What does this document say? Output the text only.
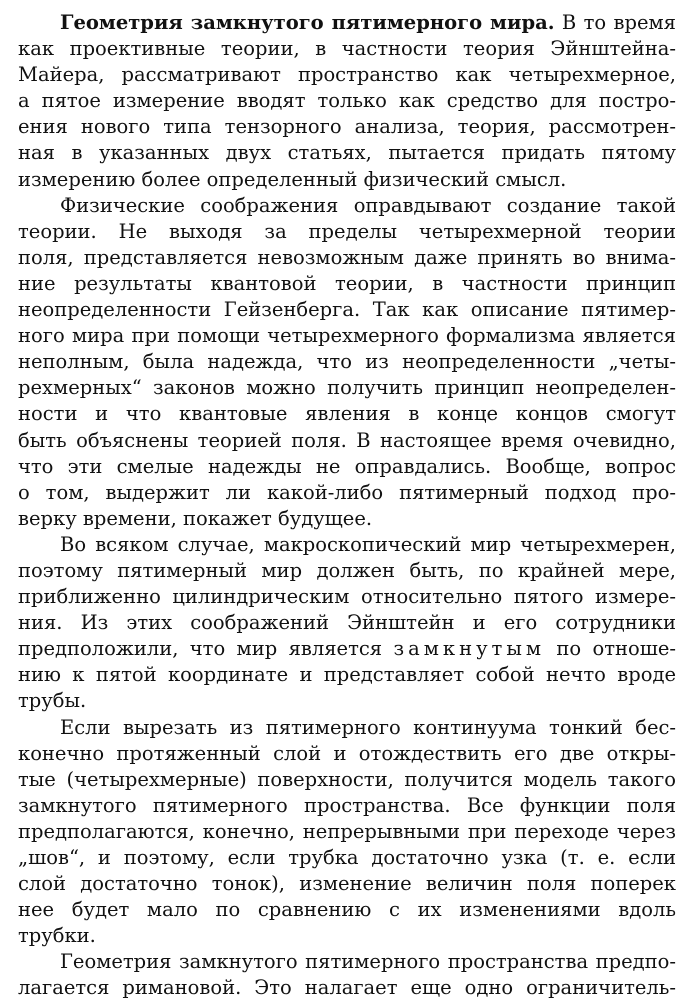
Геометрия замкнутого пятимерного мира. В то время
как проективные теории, в частности теория Эйнштейна-
Майера, рассматривают пространство как четырехмерное,
а пятое измерение вводят только как средство для постро-
ения нового типа тензорного анализа, теория, рассмотрен-
ная в указанных двух статьях, пытается придать пятому
измерению более определенный физический смысл.
Физические соображения оправдывают создание такой
теории. Не выходя за пределы четырехмерной теории
поля, представляется невозможным даже принять во внима-
ние результаты квантовой теории, в частности принцип
неопределенности Гейзенберга. Так как описание пятимер-
ного мира при помощи четырехмерного формализма является
неполным, была надежда, что из неопределенности „четы-
рехмерных“ законов можно получить принцип неопределен-
ности и что квантовые явления в конце концов смогут
быть объяснены теорией поля. В настоящее время очевидно,
что эти смелые надежды не оправдались. Вообще, вопрос
о том, выдержит ли какой-либо пятимерный подход про-
верку времени, покажет будущее.
Во всяком случае, макроскопический мир четырехмерен,
поэтому пятимерный мир должен быть, по крайней мере,
приближенно цилиндрическим относительно пятого измере-
ния. Из этих соображений Эйнштейн и его сотрудники
предположили, что мир является замкнутым по отноше-
нию к пятой координате и представляет собой нечто вроде
трубы.
Если вырезать из пятимерного континуума тонкий бес-
конечно протяженный слой и отождествить его две откры-
тые (четырехмерные) поверхности, получится модель такого
замкнутого пятимерного пространства. Все функции поля
предполагаются, конечно, непрерывными при переходе через
„шов“, и поэтому, если трубка достаточно узка (т. е. если
слой достаточно тонок), изменение величин поля поперек
нее будет мало по сравнению с их изменениями вдоль
трубки.
Геометрия замкнутого пятимерного пространства предпо-
лагается римановой. Это налагает еще одно ограничитель-
